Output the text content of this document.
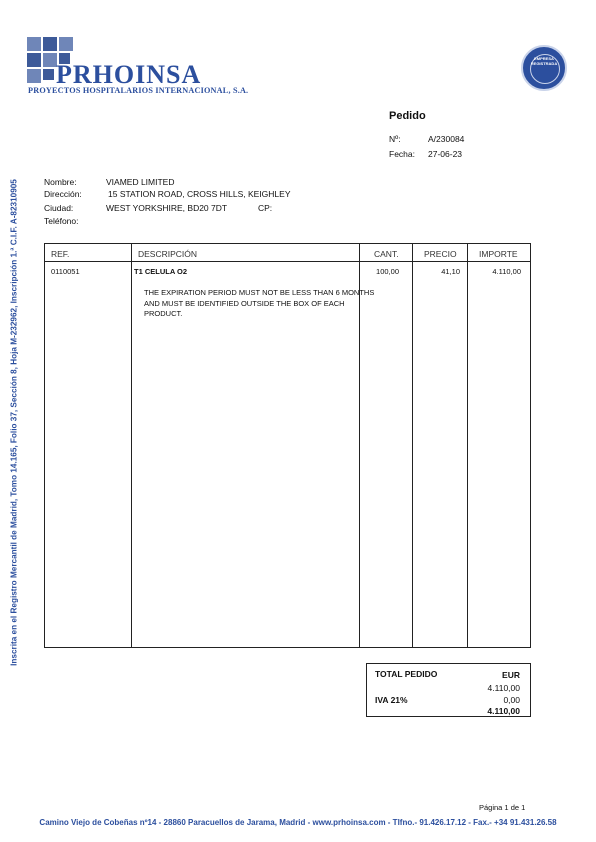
PRHOINSA
PROYECTOS HOSPITALARIOS INTERNACIONAL, S.A.
EMPRESA
REGISTRADA
Inscrita en el Registro Mercantil de Madrid, Tomo 14.165, Folio 37, Sección 8, Hoja M-232962, Inscripción 1.ª C.I.F. A-82310905
Pedido
Nº:	A/230084
Fecha: 27-06-23
Nombre:	VIAMED LIMITED
Dirección:	15 STATION ROAD, CROSS HILLS, KEIGHLEY
Ciudad:	WEST YORKSHIRE, BD20 7DT	CP:
Teléfono:
REF.	DESCRIPCIÓN	CANT.	PRECIO	IMPORTE
0110051	T1 CELULA O2	100,00	41,10	4.110,00
THE EXPIRATION PERIOD MUST NOT BE LESS THAN 6 MONTHS AND MUST BE IDENTIFIED OUTSIDE THE BOX OF EACH PRODUCT.
TOTAL PEDIDO	EUR
4.110,00
IVA 21%	0,00
4.110,00
Página 1 de 1
Camino Viejo de Cobeñas nº14 - 28860 Paracuellos de Jarama, Madrid - www.prhoinsa.com - Tlfno.- 91.426.17.12 - Fax.- +34 91.431.26.58
